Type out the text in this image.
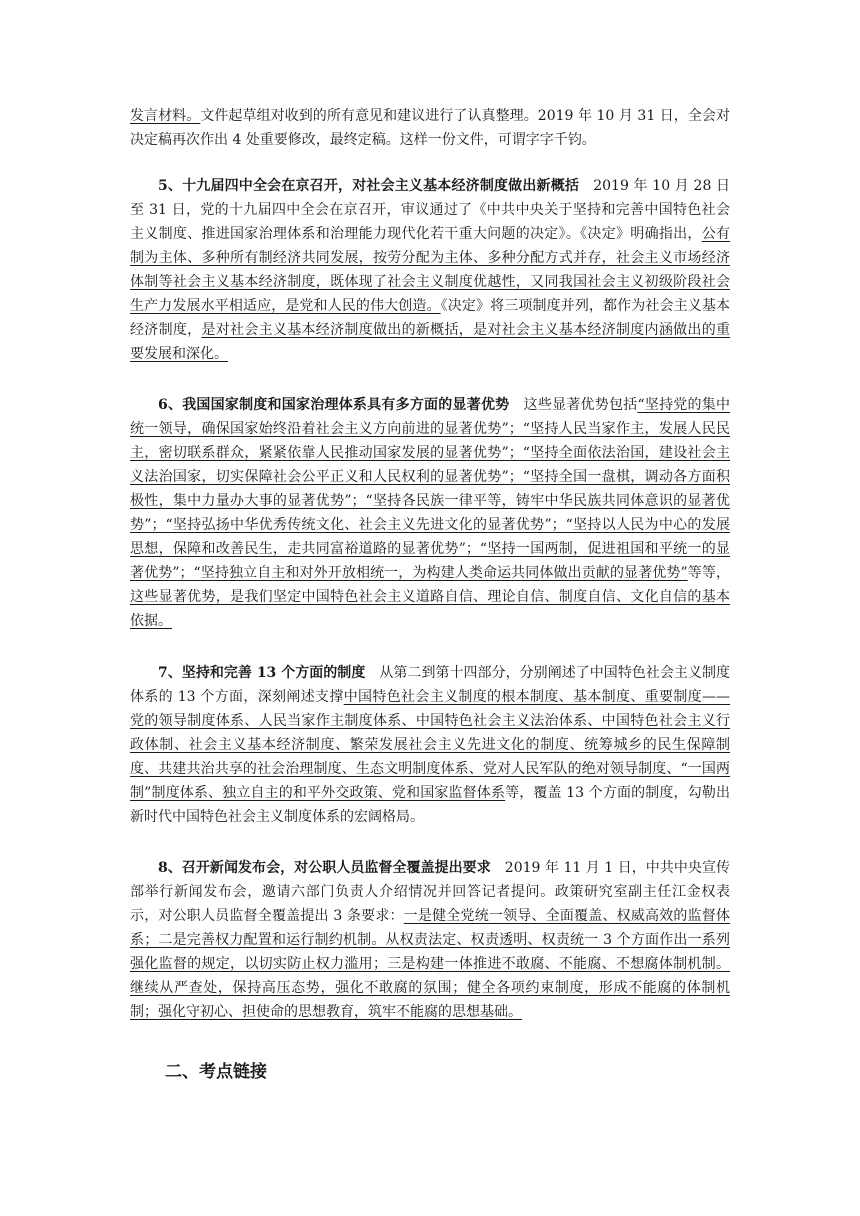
发言材料。文件起草组对收到的所有意见和建议进行了认真整理。2019 年 10 月 31 日，全会对决定稿再次作出 4 处重要修改，最终定稿。这样一份文件，可谓字字千钧。

5、十九届四中全会在京召开，对社会主义基本经济制度做出新概括　2019 年 10 月 28 日至 31 日，党的十九届四中全会在京召开，审议通过了《中共中央关于坚持和完善中国特色社会主义制度、推进国家治理体系和治理能力现代化若干重大问题的决定》。《决定》明确指出，公有制为主体、多种所有制经济共同发展，按劳分配为主体、多种分配方式并存，社会主义市场经济体制等社会主义基本经济制度，既体现了社会主义制度优越性，又同我国社会主义初级阶段社会生产力发展水平相适应，是党和人民的伟大创造。《决定》将三项制度并列，都作为社会主义基本经济制度，是对社会主义基本经济制度做出的新概括，是对社会主义基本经济制度内涵做出的重要发展和深化。

6、我国国家制度和国家治理体系具有多方面的显著优势　这些显著优势包括“坚持党的集中统一领导，确保国家始终沿着社会主义方向前进的显著优势”；“坚持人民当家作主，发展人民民主，密切联系群众，紧紧依靠人民推动国家发展的显著优势”；“坚持全面依法治国，建设社会主义法治国家，切实保障社会公平正义和人民权利的显著优势”；“坚持全国一盘棋，调动各方面积极性，集中力量办大事的显著优势”；“坚持各民族一律平等，铸牢中华民族共同体意识的显著优势”；“坚持弘扬中华优秀传统文化、社会主义先进文化的显著优势”；“坚持以人民为中心的发展思想，保障和改善民生，走共同富裕道路的显著优势”；“坚持一国两制，促进祖国和平统一的显著优势”；“坚持独立自主和对外开放相统一，为构建人类命运共同体做出贡献的显著优势”等等，这些显著优势，是我们坚定中国特色社会主义道路自信、理论自信、制度自信、文化自信的基本依据。

7、坚持和完善 13 个方面的制度　从第二到第十四部分，分别阐述了中国特色社会主义制度体系的 13 个方面，深刻阐述支撑中国特色社会主义制度的根本制度、基本制度、重要制度——党的领导制度体系、人民当家作主制度体系、中国特色社会主义法治体系、中国特色社会主义行政体制、社会主义基本经济制度、繁荣发展社会主义先进文化的制度、统筹城乡的民生保障制度、共建共治共享的社会治理制度、生态文明制度体系、党对人民军队的绝对领导制度、“一国两制”制度体系、独立自主的和平外交政策、党和国家监督体系等，覆盖 13 个方面的制度，勾勒出新时代中国特色社会主义制度体系的宏阔格局。

8、召开新闻发布会，对公职人员监督全覆盖提出要求　2019 年 11 月 1 日，中共中央宣传部举行新闻发布会，邀请六部门负责人介绍情况并回答记者提问。政策研究室副主任江金权表示，对公职人员监督全覆盖提出 3 条要求：一是健全党统一领导、全面覆盖、权威高效的监督体系；二是完善权力配置和运行制约机制。从权责法定、权责透明、权责统一 3 个方面作出一系列强化监督的规定，以切实防止权力滥用；三是构建一体推进不敢腐、不能腐、不想腐体制机制。继续从严查处，保持高压态势，强化不敢腐的氛围；健全各项约束制度，形成不能腐的体制机制；强化守初心、担使命的思想教育，筑牢不能腐的思想基础。

二、考点链接
